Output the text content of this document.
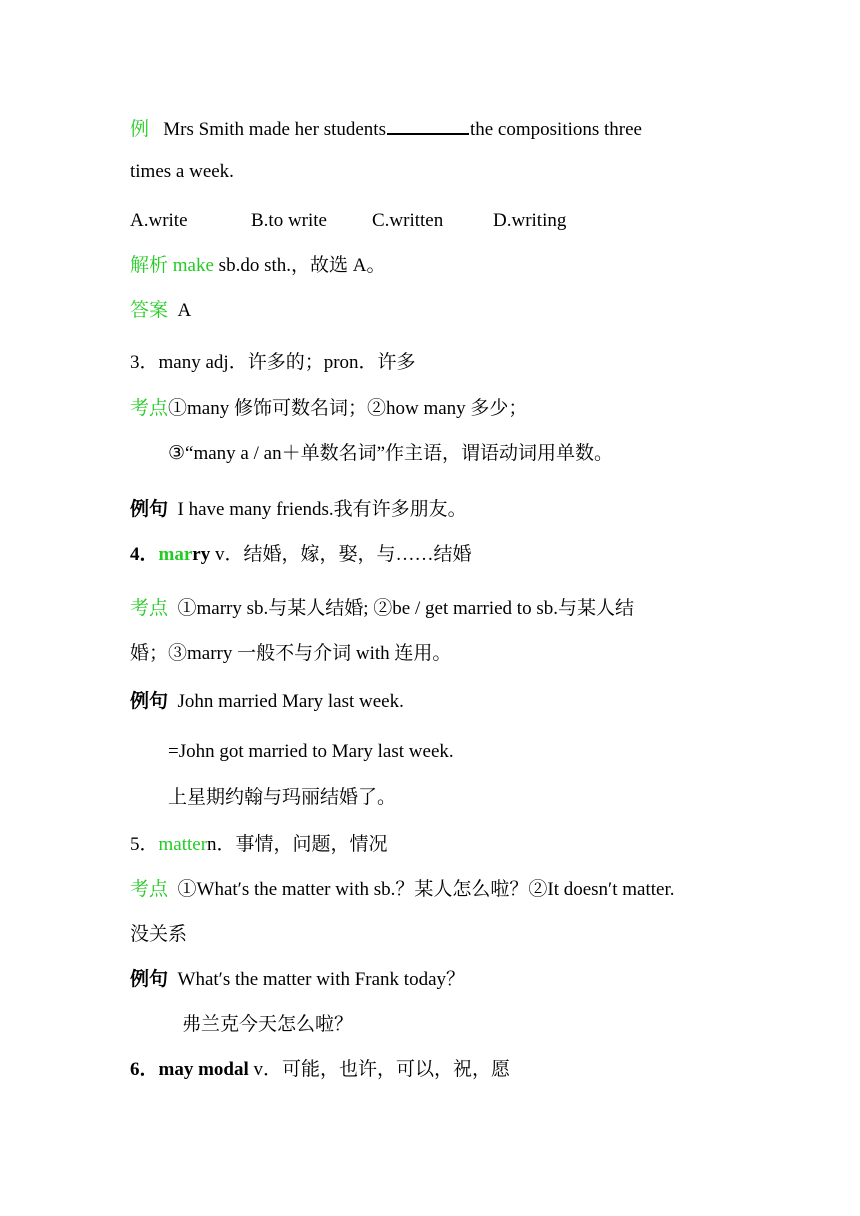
例 Mrs Smith made her students	the compositions three
times a week.
A.write	B.to write C.written	D.writing
解析 make sb.do sth.，故选 A。
答案 A
3．many adj．许多的；pron．许多
考点①many 修饰可数名词；②how many 多少；
③“many a / an＋单数名词”作主语，谓语动词用单数。
例句 I have many friends.我有许多朋友。
4．marry v．结婚，嫁，娶，与……结婚
考点 ①marry sb.与某人结婚; ②be / get married to sb.与某人结
婚；③marry 一般不与介词 with 连用。
例句 John married Mary last week.
=John got married to Mary last week.
上星期约翰与玛丽结婚了。
5．mattern．事情，问题，情况
考点 ①What′s the matter with sb.？某人怎么啦？②It doesn′t matter.
没关系
例句 What′s the matter with Frank today？
弗兰克今天怎么啦？
6．may modal v．可能，也许，可以，祝，愿
